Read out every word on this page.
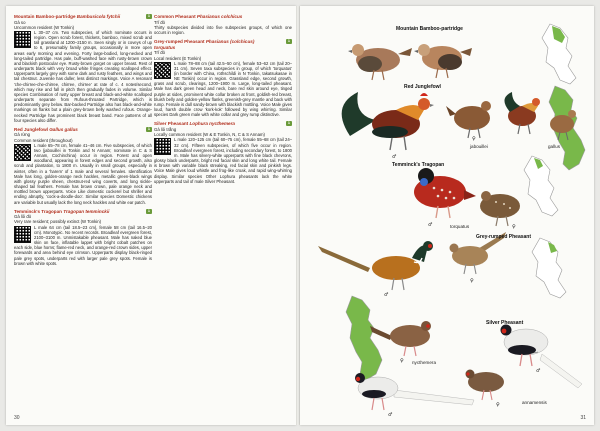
Mountain Bamboo-partridge Bambusicola fytchii	1
Gà so
Uncommon resident (W Tonkin)
L 30–37 cm. Two subspecies, of which nominate occurs in region. Open scrub forest, thickets, bamboo, mixed scrub and tall grassland at 1200–2150 m. Seen singly or in coveys of up to 6, presumably family groups, occasionally in more open areas early morning and evening. Forty large-bodied, long-necked and long-tailed partridge. Has pale, buff-washed face with rusty-brown crown and blackish postocular eye. Rusty-brown gorget on upper breast. Rest of underparts black with very broad white fringes creating scalloped effect. Upperparts largely grey with some dark and rusty feathers, and wings and tail chestnut. Juvenile has duller, less distinct markings. Voice A resonant 'che-chirree-che-chirree, chirree, chirree' at rate of c. 4 notes/second, which may rise and fall in pitch then gradually fades in volume. Similar species Combination of rusty upper breast and black-and-white scalloped underparts separate from Rufous-throated Partridge, which is predominantly grey below. Bar-backed Partridge also has black-and-white markings on flanks but a plain grey-brown belly washed rufous. Orange-necked Partridge has prominent black breast band. Face patterns of all four species also differ.
Red Junglefowl Gallus gallus	1
Gà rừng
Common resident (throughout)
L male 65–78 cm, female 41–46 cm. Five subspecies, of which two (jabouillei in Tonkin and N Annam; nominate in C & S Annam, Cochinchina) occur in region. Forest and open woodland, appearing in forest edges and second growth, also scrub and plantation, to 1800 m. Usually in small groups, especially in winter, often in a 'harem' of 1 male and several females. Identification Male has long, golden-orange neck hackles, metallic green-black wings with glossy purple sheen, chestnut-red wing coverts, and long sickle-shaped tail feathers. Female has brown crown, pale orange neck and mottled brown upperparts. Voice Like domestic cockerel but shriller and ending abruptly, 'cock-a-doodle-doo'. Similar species Domestic chickens are variable but usually lack the long neck hackles and white ear patch.
Temminck's Tragopan Tragopan temminckii	1
Gà lôi đỏ
Very rare resident; possibly extinct (W Tonkin)
L male 64 cm (tail 18.5–23 cm), female 58 cm (tail 16.5–20 cm). Monotypic. No recent records. Broadleaf evergreen forest, 2100–3100 m. Unmistakable pheasant. Male has naked blue skin on face, inflatable lappet with bright cobalt patches on each side, blue horns; flame-red neck, and orange-red crown sides, upper forewards and area behind eye crimson. Upperparts display black-ringed pale grey spots, underparts red with larger pale grey spots. Female is brown with white spots.
Common Pheasant Phasianus colchicus
Trĩ đỏ
Thirty subspecies divided into five subspecies groups, of which one occurs in region.
Grey-rumped Pheasant Phasianus (colchicus) torquatus
1
Trĩ đỏ
Local resident (E Tonkin)
L male 78–88 cm (tail 42.5–50 cm), female 53–62 cm (tail 20–31 cm). Seven taxa subspecies in group, of which 'torquatus' (in border with China, rothschildi in N Tonkin, takatsukasae in NE Tonkin) occur in region. Grassland edge, second growth, grass and scrub, clearings, 1200–1900 m. Large, long-tailed pheasant. Male has dark green head and neck, bare red skin around eye, tinged purple at sides, prominent white collar broken at front, goldish-red breast, bluish belly and golden-yellow flanks, greenish-grey mantle and back with rump. Female is dull sandy-brown with blackish mottling. Voice Male gives loud, harsh double crow 'kork-kok' followed by wing whirring. Similar species Dark green male with white collar and grey rump distinctive.
Silver Pheasant Lophura nycthemera	1
Gà lôi trắng
Locally common resident (W & E Tonkin, N, C & S Annam)
L male 120–125 cm (tail 60–75 cm), female 55–68 cm (tail 24–32 cm). Fifteen subspecies, of which five occur in region. Broadleaf evergreen forest, including secondary forest, to 1800 m. Male has silvery-white upperparts with fine black chevrons, glossy black underparts, bright red facial skin and long white tail. Female is brown with variable black streaking, red facial skin and pinkish legs. Voice Male gives loud whistle and frog-like croak, and rapid wing-whirring display. Similar species Other Lophura pheasants lack the white upperparts and tail of male Silver Pheasant.
30
Mountain Bamboo-partridge
Red Junglefowl
jabouillei	gallus
♂
♀
Temminck's Tragopan
♂	♀
torquatus
Grey-rumped Pheasant
♂
♀
nycthemera
Silver Pheasant
annamensis
♀
♂
♂
♀
31
